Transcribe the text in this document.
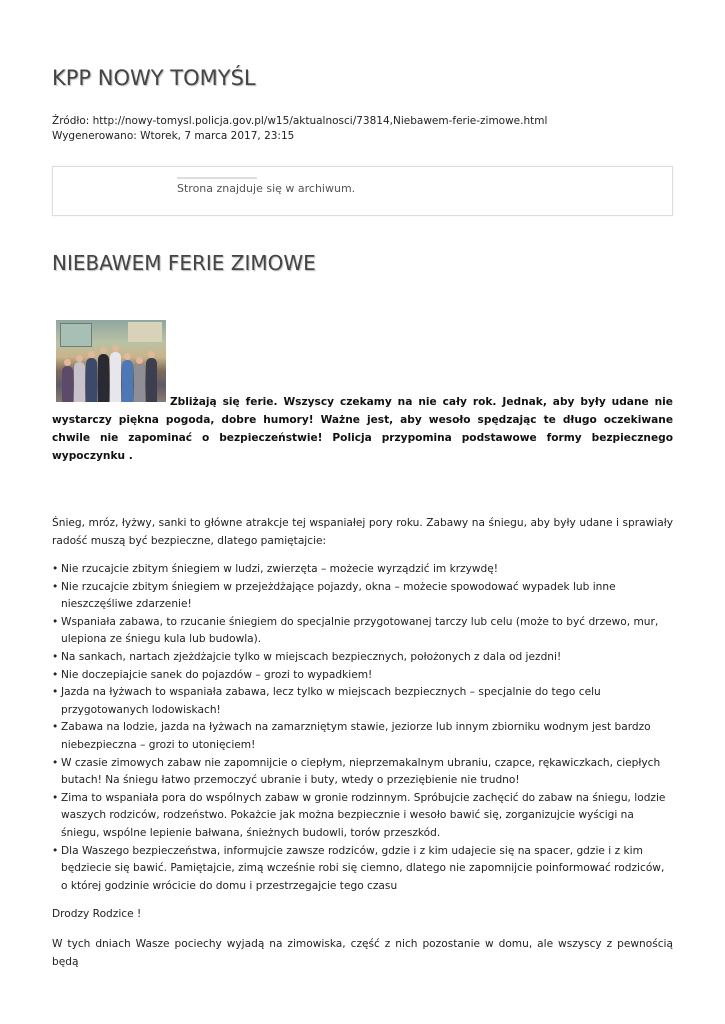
KPP NOWY TOMYŚL
Źródło: http://nowy-tomysl.policja.gov.pl/w15/aktualnosci/73814,Niebawem-ferie-zimowe.html
Wygenerowano: Wtorek, 7 marca 2017, 23:15
Strona znajduje się w archiwum.
NIEBAWEM FERIE ZIMOWE

Zbliżają się ferie. Wszyscy czekamy na nie cały rok. Jednak, aby były udane nie wystarczy piękna pogoda, dobre humory! Ważne jest, aby wesoło spędzając te długo oczekiwane chwile nie zapominać o bezpieczeństwie! Policja przypomina podstawowe formy bezpiecznego wypoczynku .

Śnieg, mróz, łyżwy, sanki to główne atrakcje tej wspaniałej pory roku. Zabawy na śniegu, aby były udane i sprawiały radość muszą być bezpieczne, dlatego pamiętajcie:

• Nie rzucajcie zbitym śniegiem w ludzi, zwierzęta – możecie wyrządzić im krzywdę!
• Nie rzucajcie zbitym śniegiem w przejeżdżające pojazdy, okna – możecie spowodować wypadek lub inne nieszczęśliwe zdarzenie!
• Wspaniała zabawa, to rzucanie śniegiem do specjalnie przygotowanej tarczy lub celu (może to być drzewo, mur, ulepiona ze śniegu kula lub budowla).
• Na sankach, nartach zjeżdżajcie tylko w miejscach bezpiecznych, położonych z dala od jezdni!
• Nie doczepiajcie sanek do pojazdów – grozi to wypadkiem!
• Jazda na łyżwach to wspaniała zabawa, lecz tylko w miejscach bezpiecznych – specjalnie do tego celu przygotowanych lodowiskach!
• Zabawa na lodzie, jazda na łyżwach na zamarzniętym stawie, jeziorze lub innym zbiorniku wodnym jest bardzo niebezpieczna – grozi to utonięciem!
• W czasie zimowych zabaw nie zapomnijcie o ciepłym, nieprzemakalnym ubraniu, czapce, rękawiczkach, ciepłych butach! Na śniegu łatwo przemoczyć ubranie i buty, wtedy o przeziębienie nie trudno!
• Zima to wspaniała pora do wspólnych zabaw w gronie rodzinnym. Spróbujcie zachęcić do zabaw na śniegu, lodzie waszych rodziców, rodzeństwo. Pokażcie jak można bezpiecznie i wesoło bawić się, zorganizujcie wyścigi na śniegu, wspólne lepienie bałwana, śnieżnych budowli, torów przeszkód.
• Dla Waszego bezpieczeństwa, informujcie zawsze rodziców, gdzie i z kim udajecie się na spacer, gdzie i z kim będziecie się bawić. Pamiętajcie, zimą wcześnie robi się ciemno, dlatego nie zapomnijcie poinformować rodziców, o której godzinie wrócicie do domu i przestrzegajcie tego czasu

Drodzy Rodzice !

W tych dniach Wasze pociechy wyjadą na zimowiska, część z nich pozostanie w domu, ale wszyscy z pewnością będą
